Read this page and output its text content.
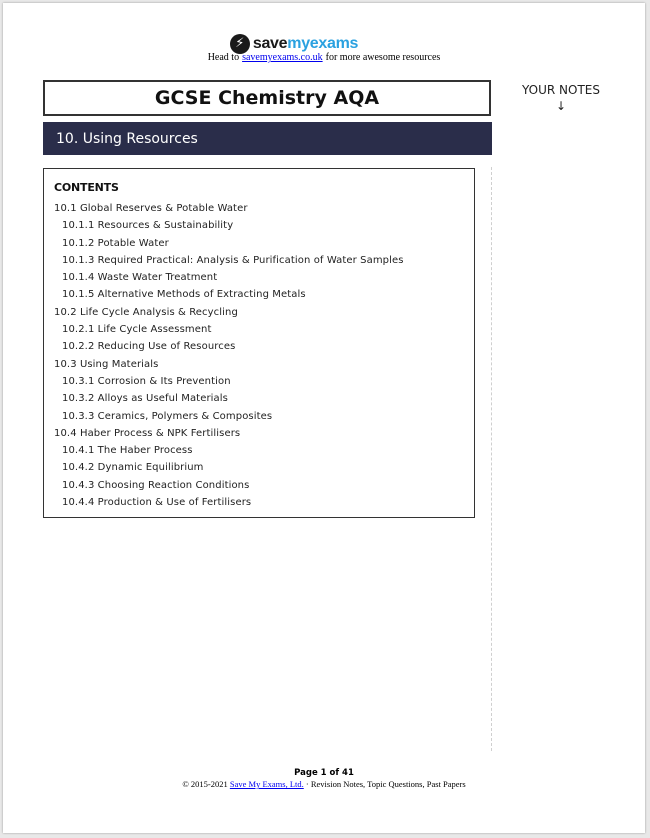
⚡ savemyexams
Head to savemyexams.co.uk for more awesome resources
GCSE Chemistry AQA
10. Using Resources
YOUR NOTES
↓
CONTENTS
10.1 Global Reserves & Potable Water
10.1.1 Resources & Sustainability
10.1.2 Potable Water
10.1.3 Required Practical: Analysis & Purification of Water Samples
10.1.4 Waste Water Treatment
10.1.5 Alternative Methods of Extracting Metals
10.2 Life Cycle Analysis & Recycling
10.2.1 Life Cycle Assessment
10.2.2 Reducing Use of Resources
10.3 Using Materials
10.3.1 Corrosion & Its Prevention
10.3.2 Alloys as Useful Materials
10.3.3 Ceramics, Polymers & Composites
10.4 Haber Process & NPK Fertilisers
10.4.1 The Haber Process
10.4.2 Dynamic Equilibrium
10.4.3 Choosing Reaction Conditions
10.4.4 Production & Use of Fertilisers
Page 1 of 41
© 2015-2021 Save My Exams, Ltd. · Revision Notes, Topic Questions, Past Papers
